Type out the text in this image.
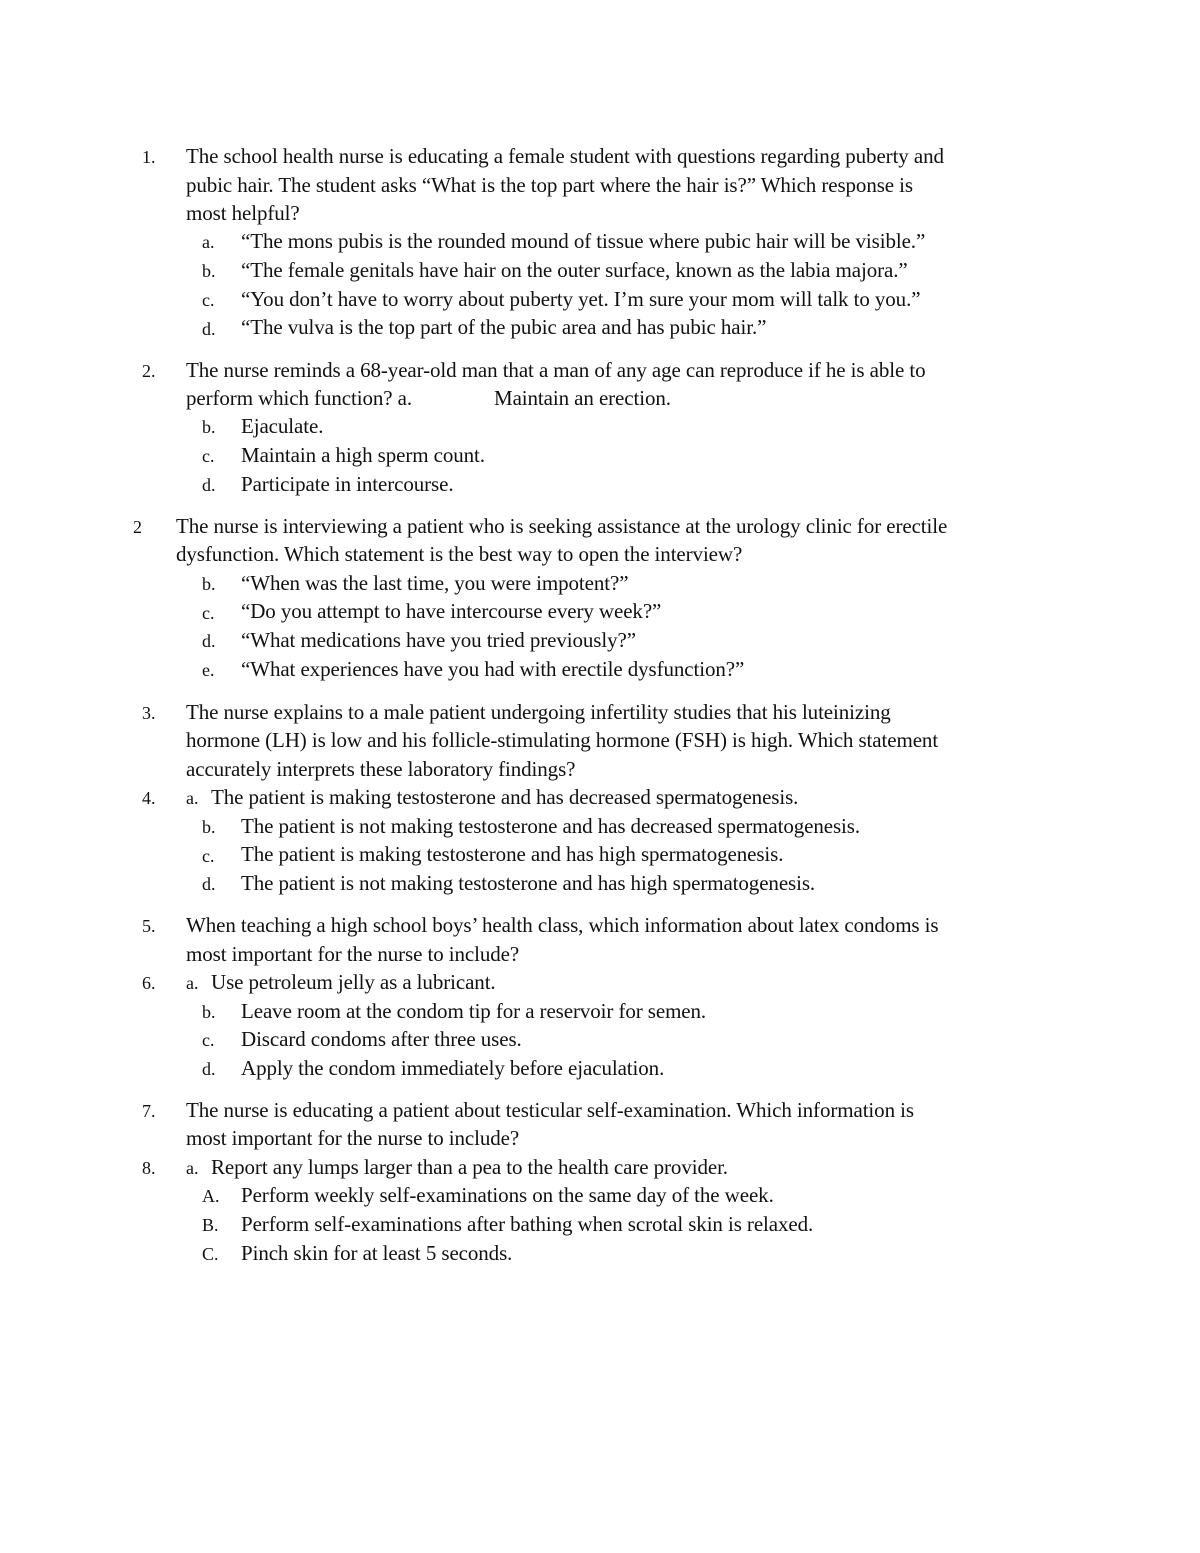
1. The school health nurse is educating a female student with questions regarding puberty and
pubic hair. The student asks “What is the top part where the hair is?” Which response is
most helpful?
a. “The mons pubis is the rounded mound of tissue where pubic hair will be visible.”
b. “The female genitals have hair on the outer surface, known as the labia majora.”
c. “You don’t have to worry about puberty yet. I’m sure your mom will talk to you.”
d. “The vulva is the top part of the pubic area and has pubic hair.”
2. The nurse reminds a 68-year-old man that a man of any age can reproduce if he is able to
perform which function? a.	Maintain an erection.
b. Ejaculate.
c. Maintain a high sperm count.
d. Participate in intercourse.
2 The nurse is interviewing a patient who is seeking assistance at the urology clinic for erectile
dysfunction. Which statement is the best way to open the interview?
b. “When was the last time, you were impotent?”
c. “Do you attempt to have intercourse every week?”
d. “What medications have you tried previously?”
e. “What experiences have you had with erectile dysfunction?”
3. The nurse explains to a male patient undergoing infertility studies that his luteinizing
hormone (LH) is low and his follicle-stimulating hormone (FSH) is high. Which statement
accurately interprets these laboratory findings?
4. a. The patient is making testosterone and has decreased spermatogenesis.
b. The patient is not making testosterone and has decreased spermatogenesis.
c. The patient is making testosterone and has high spermatogenesis.
d. The patient is not making testosterone and has high spermatogenesis.
5. When teaching a high school boys’ health class, which information about latex condoms is
most important for the nurse to include?
6. a. Use petroleum jelly as a lubricant.
b. Leave room at the condom tip for a reservoir for semen.
c. Discard condoms after three uses.
d. Apply the condom immediately before ejaculation.
7. The nurse is educating a patient about testicular self-examination. Which information is
most important for the nurse to include?
8. a. Report any lumps larger than a pea to the health care provider.
A. Perform weekly self-examinations on the same day of the week.
B. Perform self-examinations after bathing when scrotal skin is relaxed.
C. Pinch skin for at least 5 seconds.
